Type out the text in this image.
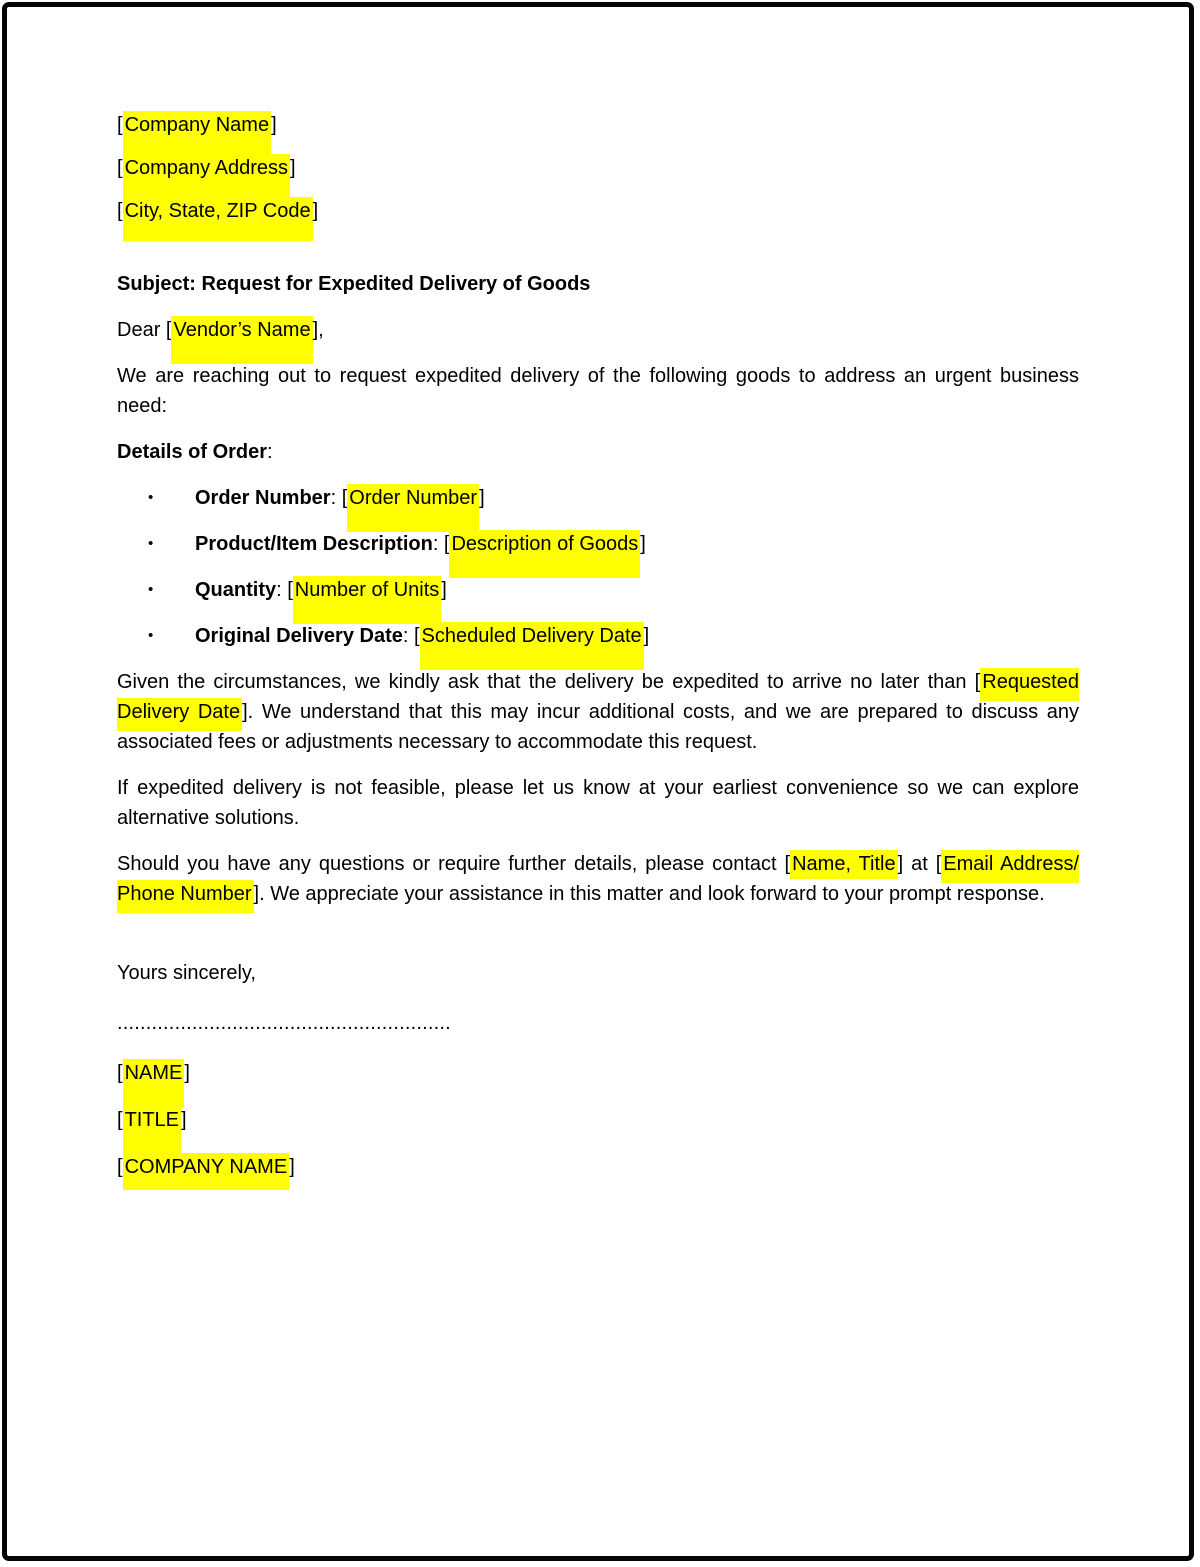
[ Company Name ]

[ Company Address ]

[ City, State, ZIP Code ]

Subject: Request for Expedited Delivery of Goods

Dear [ Vendor’s Name ],

We are reaching out to request expedited delivery of the following goods to address an urgent business need:

Details of Order:

•	Order Number: [ Order Number ]
•	Product/Item Description: [ Description of Goods ]
•	Quantity: [ Number of Units ]
•	Original Delivery Date: [ Scheduled Delivery Date ]

Given the circumstances, we kindly ask that the delivery be expedited to arrive no later than [ Requested Delivery Date ]. We understand that this may incur additional costs, and we are prepared to discuss any associated fees or adjustments necessary to accommodate this request.

If expedited delivery is not feasible, please let us know at your earliest convenience so we can explore alternative solutions.

Should you have any questions or require further details, please contact [ Name, Title ] at [ Email Address/ Phone Number ]. We appreciate your assistance in this matter and look forward to your prompt response.

Yours sincerely,

..........................................................

[ NAME ]

[ TITLE ]

[ COMPANY NAME ]
